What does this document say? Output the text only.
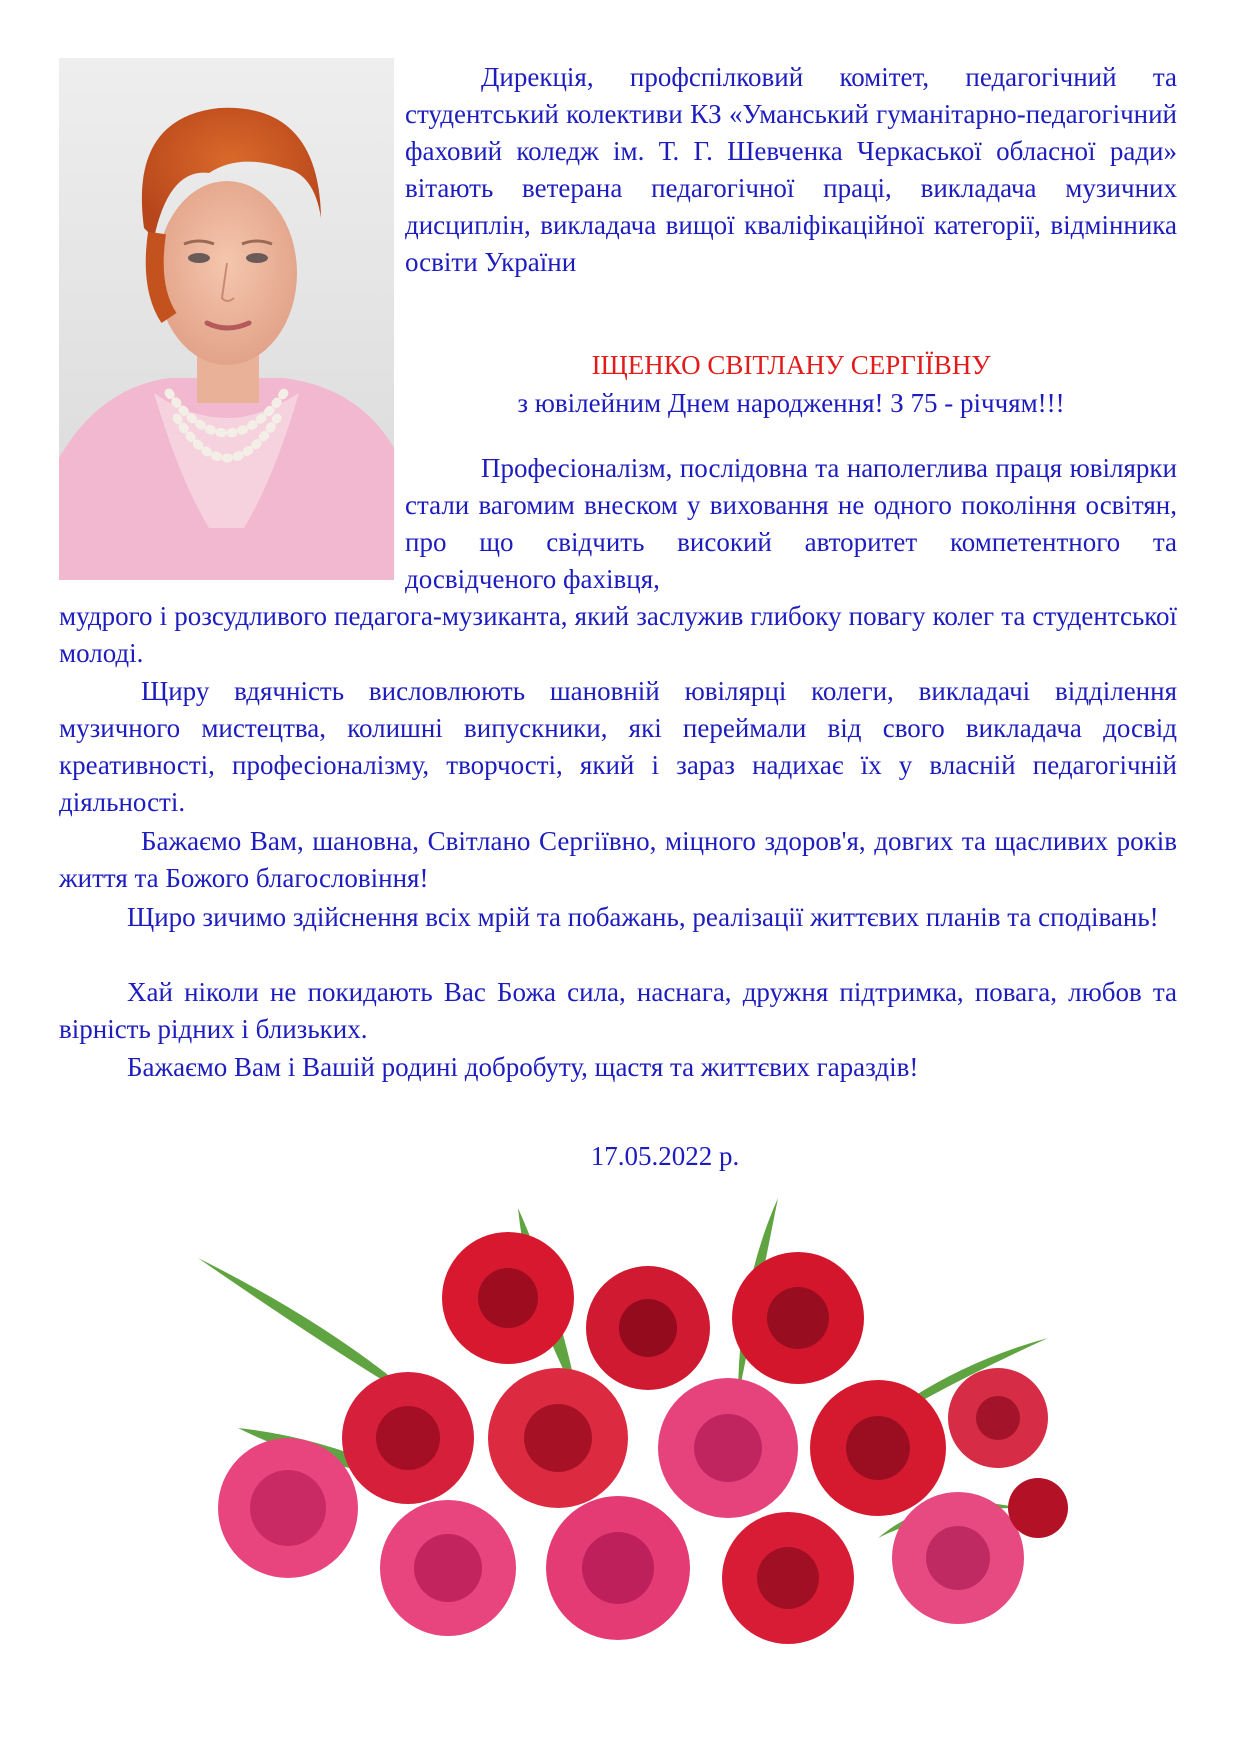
Дирекція, профспілковий комітет, педагогічний та студентський колективи КЗ «Уманський гуманітарно-педагогічний фаховий коледж ім. Т. Г. Шевченка Черкаської обласної ради» вітають ветерана педагогічної праці, викладача музичних дисциплін, викладача вищої кваліфікаційної категорії, відмінника освіти України

ІЩЕНКО СВІТЛАНУ СЕРГІЇВНУ
з ювілейним Днем народження! З 75 - річчям!!!

Професіоналізм, послідовна та наполеглива праця ювілярки стали вагомим внеском у виховання не одного покоління освітян, про що свідчить високий авторитет компетентного та досвідченого фахівця,

мудрого і розсудливого педагога-музиканта, який заслужив глибоку повагу колег та студентської молоді.

Щиру вдячність висловлюють шановній ювілярці колеги, викладачі відділення музичного мистецтва, колишні випускники, які переймали від свого викладача досвід креативності, професіоналізму, творчості, який і зараз надихає їх у власній педагогічній діяльності.
Бажаємо Вам, шановна, Світлано Сергіївно, міцного здоров'я, довгих та щасливих років життя та Божого благословіння!
Щиро зичимо здійснення всіх мрій та побажань, реалізації життєвих планів та сподівань!
Хай ніколи не покидають Вас Божа сила, наснага, дружня підтримка, повага, любов та вірність рідних і близьких.
Бажаємо Вам і Вашій родині добробуту, щастя та життєвих гараздів!
17.05.2022 р.
